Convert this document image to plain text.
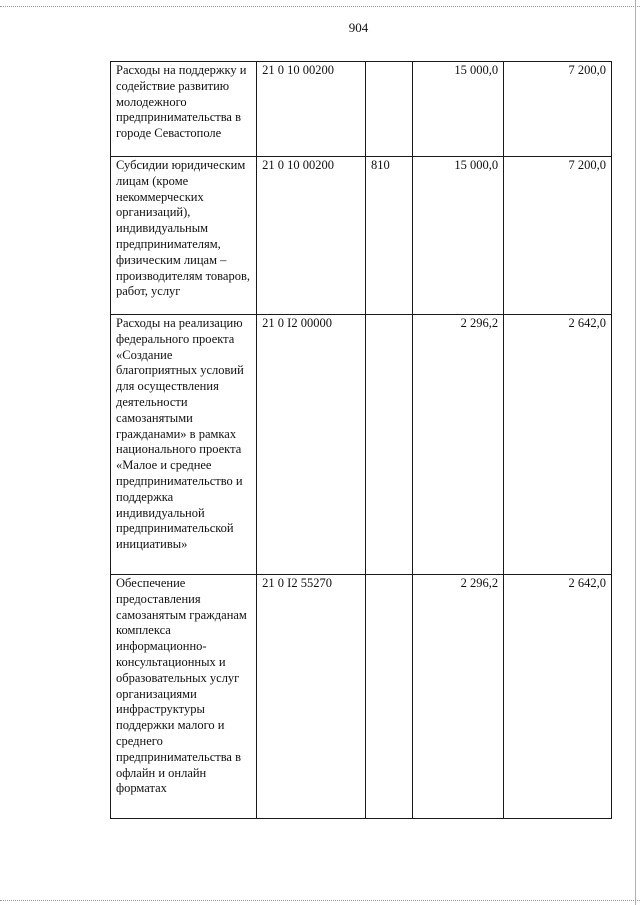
904
Расходы на поддержку и содействие развитию молодежного предпринимательства в городе Севастополе	21 0 10 00200		15 000,0	7 200,0
Субсидии юридическим лицам (кроме некоммерческих организаций), индивидуальным предпринимателям, физическим лицам – производителям товаров, работ, услуг	21 0 10 00200	810	15 000,0	7 200,0
Расходы на реализацию федерального проекта «Создание благоприятных условий для осуществления деятельности самозанятыми гражданами» в рамках национального проекта «Малое и среднее предпринимательство и поддержка индивидуальной предпринимательской инициативы»	21 0 I2 00000		2 296,2	2 642,0
Обеспечение предоставления самозанятым гражданам комплекса информационно-консультационных и образовательных услуг организациями инфраструктуры поддержки малого и среднего предпринимательства в офлайн и онлайн форматах	21 0 I2 55270		2 296,2	2 642,0
